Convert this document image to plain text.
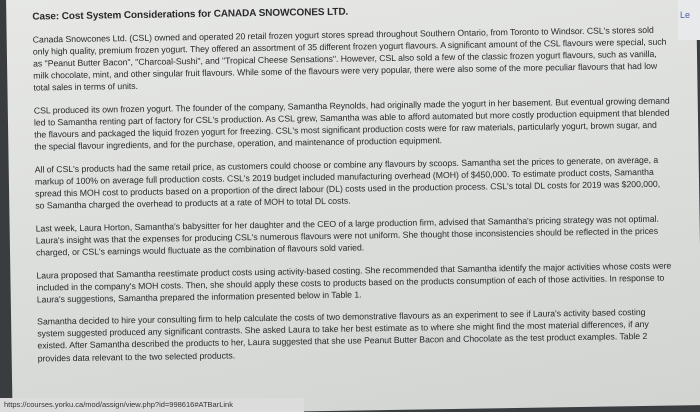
Case: Cost System Considerations for CANADA SNOWCONES LTD.

Canada Snowcones Ltd. (CSL) owned and operated 20 retail frozen yogurt stores spread throughout Southern Ontario, from Toronto to Windsor. CSL's stores sold only high quality, premium frozen yogurt. They offered an assortment of 35 different frozen yogurt flavours. A significant amount of the CSL flavours were special, such as "Peanut Butter Bacon", "Charcoal-Sushi", and "Tropical Cheese Sensations". However, CSL also sold a few of the classic frozen yogurt flavours, such as vanilla, milk chocolate, mint, and other singular fruit flavours. While some of the flavours were very popular, there were also some of the more peculiar flavours that had low total sales in terms of units.

CSL produced its own frozen yogurt. The founder of the company, Samantha Reynolds, had originally made the yogurt in her basement. But eventual growing demand led to Samantha renting part of factory for CSL's production. As CSL grew, Samantha was able to afford automated but more costly production equipment that blended the flavours and packaged the liquid frozen yogurt for freezing. CSL's most significant production costs were for raw materials, particularly yogurt, brown sugar, and the special flavour ingredients, and for the purchase, operation, and maintenance of production equipment.

All of CSL's products had the same retail price, as customers could choose or combine any flavours by scoops. Samantha set the prices to generate, on average, a markup of 100% on average full production costs. CSL's 2019 budget included manufacturing overhead (MOH) of $450,000. To estimate product costs, Samantha spread this MOH cost to products based on a proportion of the direct labour (DL) costs used in the production process. CSL's total DL costs for 2019 was $200,000, so Samantha charged the overhead to products at a rate of MOH to total DL costs.

Last week, Laura Horton, Samantha's babysitter for her daughter and the CEO of a large production firm, advised that Samantha's pricing strategy was not optimal. Laura's insight was that the expenses for producing CSL's numerous flavours were not uniform. She thought those inconsistencies should be reflected in the prices charged, or CSL's earnings would fluctuate as the combination of flavours sold varied.

Laura proposed that Samantha reestimate product costs using activity-based costing. She recommended that Samantha identify the major activities whose costs were included in the company's MOH costs. Then, she should apply these costs to products based on the products consumption of each of those activities. In response to Laura's suggestions, Samantha prepared the information presented below in Table 1.

Samantha decided to hire your consulting firm to help calculate the costs of two demonstrative flavours as an experiment to see if Laura's activity based costing system suggested produced any significant contrasts. She asked Laura to take her best estimate as to where she might find the most material differences, if any existed. After Samantha described the products to her, Laura suggested that she use Peanut Butter Bacon and Chocolate as the test product examples. Table 2 provides data relevant to the two selected products.

Le
https://courses.yorku.ca/mod/assign/view.php?id=998616#ATBarLink
